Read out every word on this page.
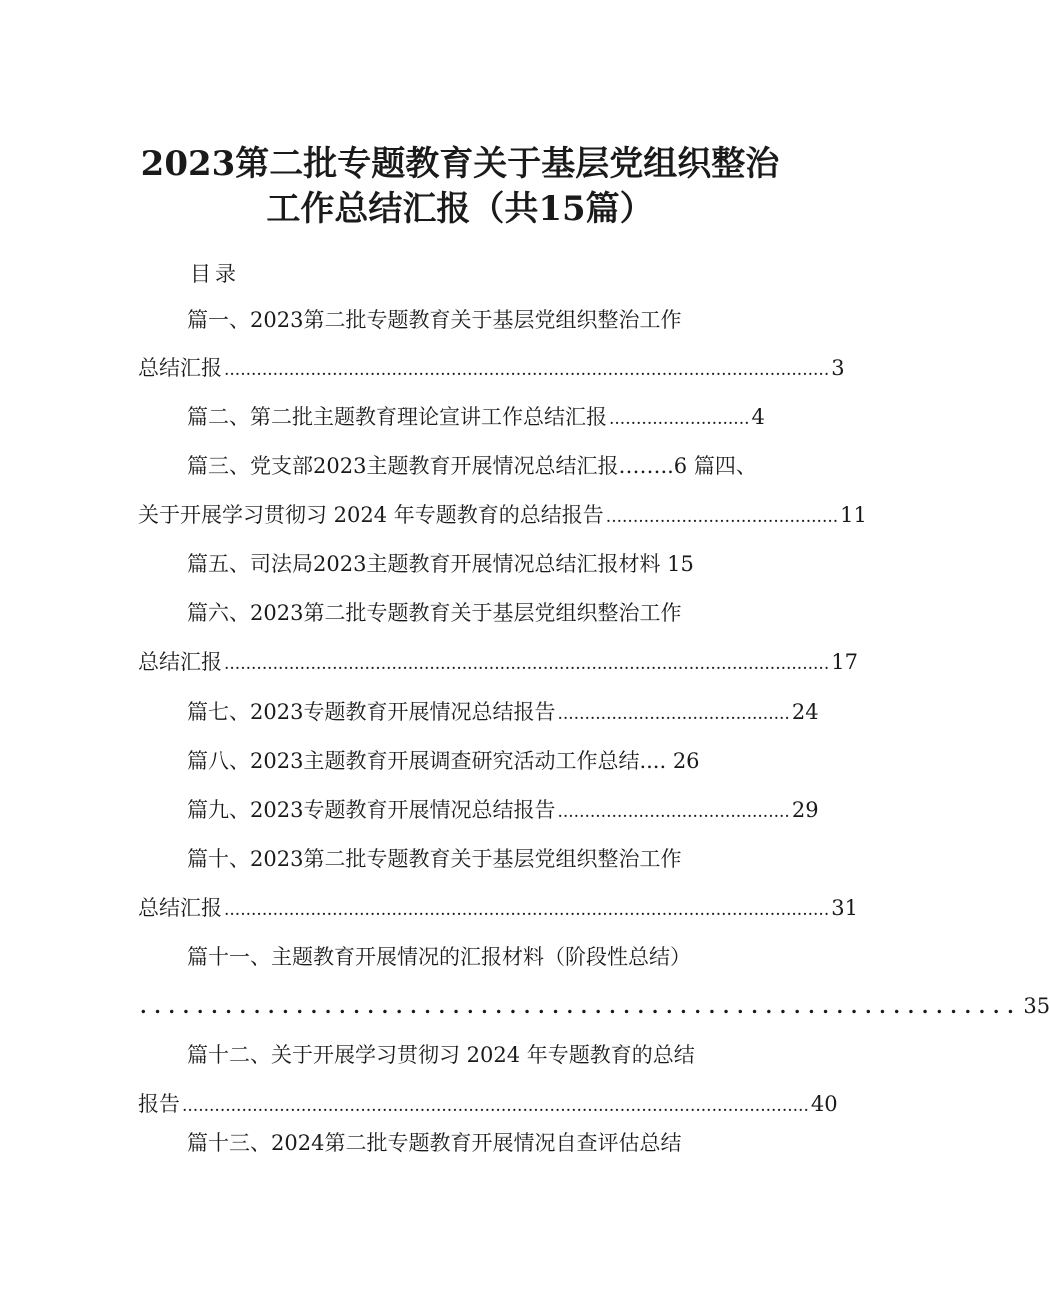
2023第二批专题教育关于基层党组织整治
工作总结汇报（共15篇）
目录
篇一、2023第二批专题教育关于基层党组织整治工作
总结汇报 ................................................................................................................ 3
篇二、第二批主题教育理论宣讲工作总结汇报 .......................... 4
篇三、党支部2023主题教育开展情况总结汇报……..6 篇四、
关于开展学习贯彻习 2024 年专题教育的总结报告 ........................................... 11
篇五、司法局2023主题教育开展情况总结汇报材料 15
篇六、2023第二批专题教育关于基层党组织整治工作
总结汇报 ................................................................................................................ 17
篇七、2023专题教育开展情况总结报告 ........................................... 24
篇八、2023主题教育开展调查研究活动工作总结.... 26
篇九、2023专题教育开展情况总结报告 ........................................... 29
篇十、2023第二批专题教育关于基层党组织整治工作
总结汇报 ................................................................................................................ 31
篇十一、主题教育开展情况的汇报材料（阶段性总结）
.............................................................. 35
篇十二、关于开展学习贯彻习 2024 年专题教育的总结
报告 .................................................................................................................... 40
篇十三、2024第二批专题教育开展情况自查评估总结
